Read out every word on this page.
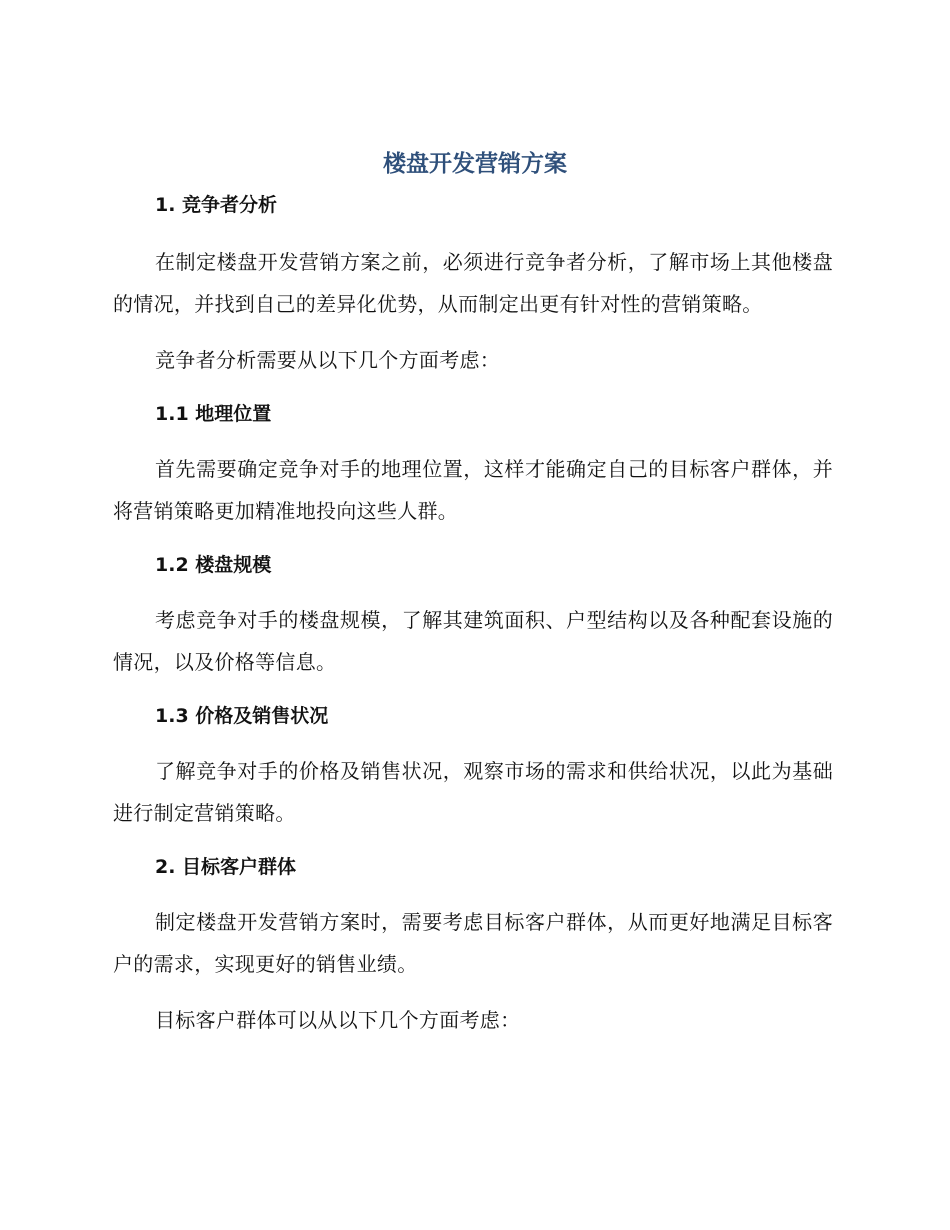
楼盘开发营销方案
1. 竞争者分析

在制定楼盘开发营销方案之前，必须进行竞争者分析，了解市场上其他楼盘的情况，并找到自己的差异化优势，从而制定出更有针对性的营销策略。

竞争者分析需要从以下几个方面考虑：

1.1 地理位置

首先需要确定竞争对手的地理位置，这样才能确定自己的目标客户群体，并将营销策略更加精准地投向这些人群。

1.2 楼盘规模

考虑竞争对手的楼盘规模，了解其建筑面积、户型结构以及各种配套设施的情况，以及价格等信息。

1.3 价格及销售状况

了解竞争对手的价格及销售状况，观察市场的需求和供给状况，以此为基础进行制定营销策略。

2. 目标客户群体

制定楼盘开发营销方案时，需要考虑目标客户群体，从而更好地满足目标客户的需求，实现更好的销售业绩。

目标客户群体可以从以下几个方面考虑：
